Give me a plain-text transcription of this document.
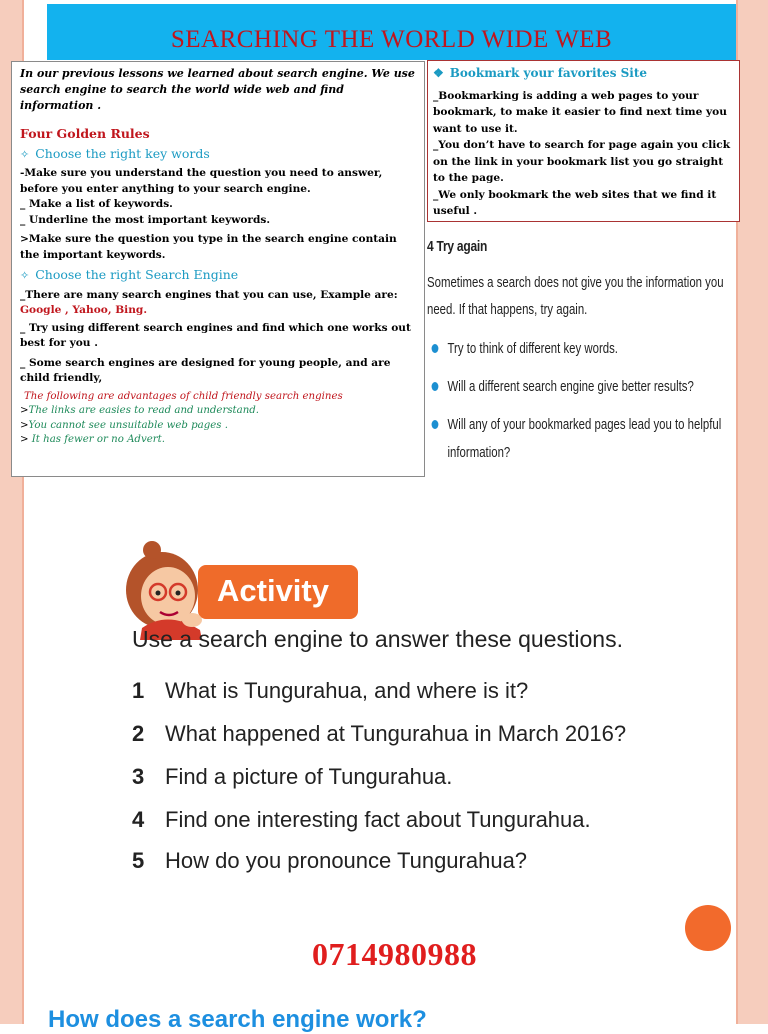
SEARCHING THE WORLD WIDE WEB

In our previous lessons we learned about search engine. We use search engine to search the world wide web and find information .

Four Golden Rules

✧ Choose the right key words

-Make sure you understand the question you need to answer, before you enter anything to your search engine.

_ Make a list of keywords.

_ Underline the most important keywords.

>Make sure the question you type in the search engine contain the important keywords.

✧ Choose the right Search Engine

_There are many search engines that you can use, Example are: Google , Yahoo, Bing.

_ Try using different search engines and find which one works out best for you .

_ Some search engines are designed for young people, and are child friendly,

The following are advantages of child friendly search engines

>The links are easies to read and understand.

>You cannot see unsuitable web pages .

> It has fewer or no Advert.

❖ Bookmark your favorites Site

_Bookmarking is adding a web pages to your bookmark, to make it easier to find next time you want to use it.

_You don’t have to search for page again you click on the link in your bookmark list you go straight to the page.

_We only bookmark the web sites that we find it useful .

4 Try again
Sometimes a search does not give you the information you need. If that happens, try again.
Try to think of different key words.
Will a different search engine give better results?
Will any of your bookmarked pages lead you to helpful information?
Activity
Use a search engine to answer these questions.
1 What is Tungurahua, and where is it?
2 What happened at Tungurahua in March 2016?
3 Find a picture of Tungurahua.
4 Find one interesting fact about Tungurahua.
5 How do you pronounce Tungurahua?
0714980988
How does a search engine work?
